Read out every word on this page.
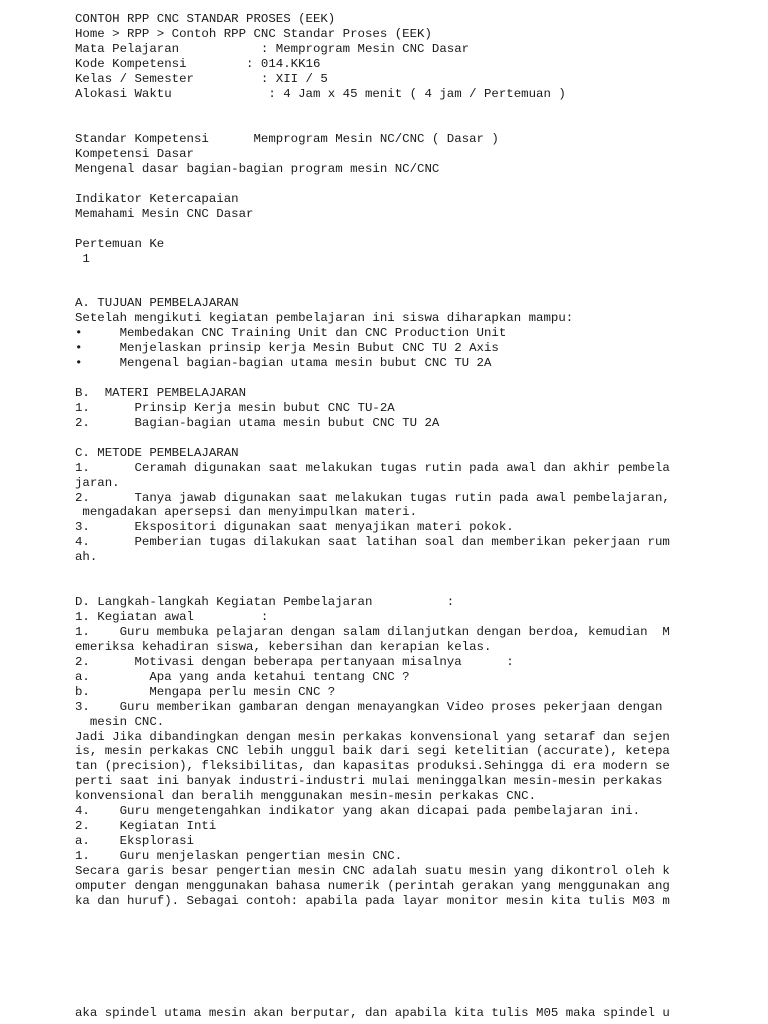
CONTOH RPP CNC STANDAR PROSES (EEK)
Home > RPP > Contoh RPP CNC Standar Proses (EEK)
Mata Pelajaran           : Memprogram Mesin CNC Dasar
Kode Kompetensi        : 014.KK16
Kelas / Semester         : XII / 5
Alokasi Waktu             : 4 Jam x 45 menit ( 4 jam / Pertemuan )
Standar Kompetensi      Memprogram Mesin NC/CNC ( Dasar )
Kompetensi Dasar
Mengenal dasar bagian-bagian program mesin NC/CNC
Indikator Ketercapaian
Memahami Mesin CNC Dasar
Pertemuan Ke
1
A. TUJUAN PEMBELAJARAN
Setelah mengikuti kegiatan pembelajaran ini siswa diharapkan mampu:
•     Membedakan CNC Training Unit dan CNC Production Unit
•     Menjelaskan prinsip kerja Mesin Bubut CNC TU 2 Axis
•     Mengenal bagian-bagian utama mesin bubut CNC TU 2A
B.  MATERI PEMBELAJARAN
1.      Prinsip Kerja mesin bubut CNC TU-2A
2.      Bagian-bagian utama mesin bubut CNC TU 2A
C. METODE PEMBELAJARAN
1.      Ceramah digunakan saat melakukan tugas rutin pada awal dan akhir pembela
jaran.
2.      Tanya jawab digunakan saat melakukan tugas rutin pada awal pembelajaran,
mengadakan apersepsi dan menyimpulkan materi.
3.      Ekspositori digunakan saat menyajikan materi pokok.
4.      Pemberian tugas dilakukan saat latihan soal dan memberikan pekerjaan rum
ah.
D. Langkah-langkah Kegiatan Pembelajaran          :
1. Kegiatan awal         :
1.    Guru membuka pelajaran dengan salam dilanjutkan dengan berdoa, kemudian  M
emeriksa kehadiran siswa, kebersihan dan kerapian kelas.
2.      Motivasi dengan beberapa pertanyaan misalnya      :
a.        Apa yang anda ketahui tentang CNC ?
b.        Mengapa perlu mesin CNC ?
3.    Guru memberikan gambaran dengan menayangkan Video proses pekerjaan dengan
mesin CNC.
Jadi Jika dibandingkan dengan mesin perkakas konvensional yang setaraf dan sejen
is, mesin perkakas CNC lebih unggul baik dari segi ketelitian (accurate), ketepa
tan (precision), fleksibilitas, dan kapasitas produksi.Sehingga di era modern se
perti saat ini banyak industri-industri mulai meninggalkan mesin-mesin perkakas
konvensional dan beralih menggunakan mesin-mesin perkakas CNC.
4.    Guru mengetengahkan indikator yang akan dicapai pada pembelajaran ini.
2.    Kegiatan Inti
a.    Eksplorasi
1.    Guru menjelaskan pengertian mesin CNC.
Secara garis besar pengertian mesin CNC adalah suatu mesin yang dikontrol oleh k
omputer dengan menggunakan bahasa numerik (perintah gerakan yang menggunakan ang
ka dan huruf). Sebagai contoh: apabila pada layar monitor mesin kita tulis M03 m
aka spindel utama mesin akan berputar, dan apabila kita tulis M05 maka spindel u
